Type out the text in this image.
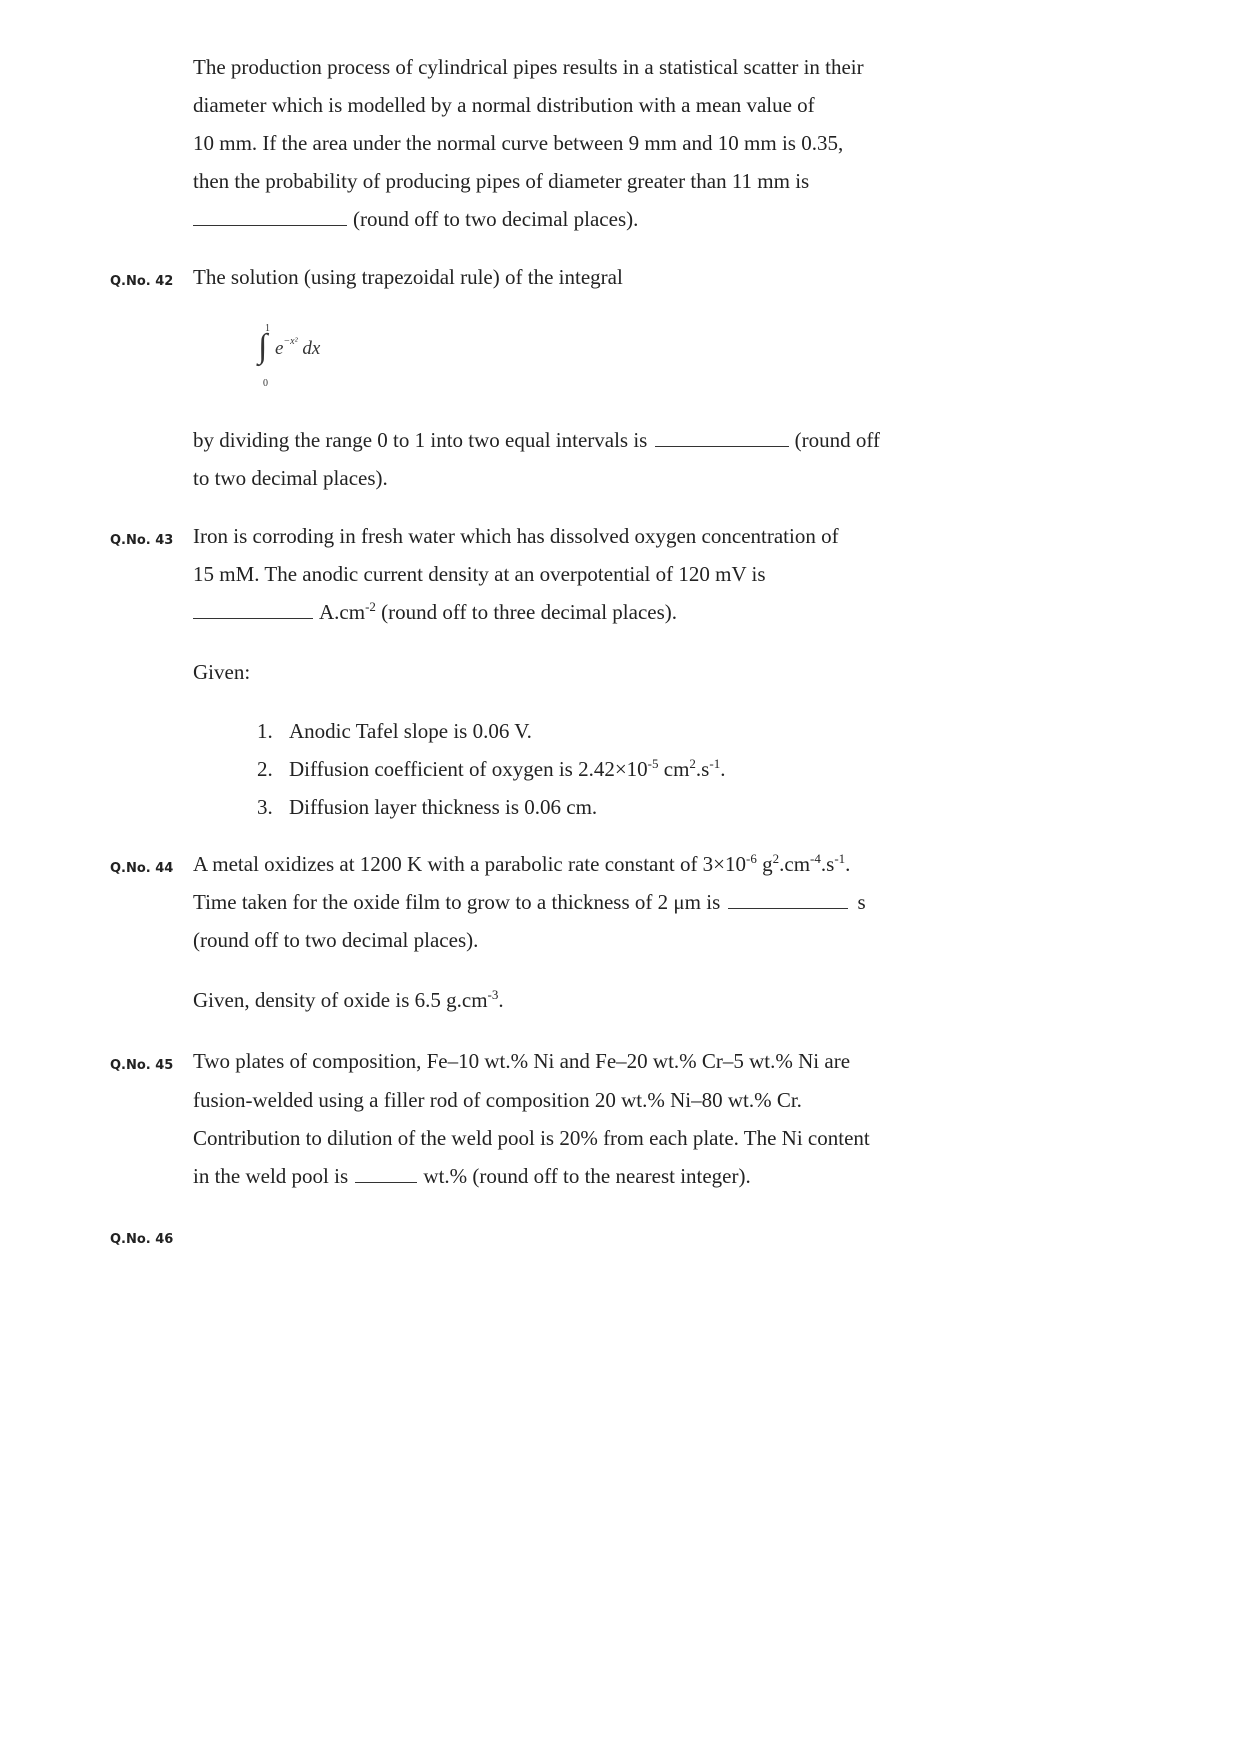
The production process of cylindrical pipes results in a statistical scatter in their
diameter which is modelled by a normal distribution with a mean value of
10 mm. If the area under the normal curve between 9 mm and 10 mm is 0.35,
then the probability of producing pipes of diameter greater than 11 mm is
(round off to two decimal places).
Q.No. 42 The solution (using trapezoidal rule) of the integral
1
∫
0
$e^{-x^2}$ dx
by dividing the range 0 to 1 into two equal intervals is	(round off
to two decimal places).
Q.No. 43 Iron is corroding in fresh water which has dissolved oxygen concentration of
15 mM. The anodic current density at an overpotential of 120 mV is
$A.cm^{-2}$ (round off to three decimal places).
Given:
1. Anodic Tafel slope is 0.06 V.
2. Diffusion coefficient of oxygen is $2.42\times 10^{-5}$ $cm^2.s^{-1}$.
3. Diffusion layer thickness is 0.06 cm.
Q.No. 44 A metal oxidizes at 1200 K with a parabolic rate constant of $3\times 10^{-6}$ $g^2.cm^{-4}.s^{-1}$.
Time taken for the oxide film to grow to a thickness of 2 μm is	s
(round off to two decimal places).
Given, density of oxide is 6.5 $g.cm^{-3}$.
Q.No. 45 Two plates of composition, Fe–10 wt.% Ni and Fe–20 wt.% Cr–5 wt.% Ni are
fusion-welded using a filler rod of composition 20 wt.% Ni–80 wt.% Cr.
Contribution to dilution of the weld pool is 20% from each plate. The Ni content
in the weld pool is	wt.% (round off to the nearest integer).
Q.No. 46
